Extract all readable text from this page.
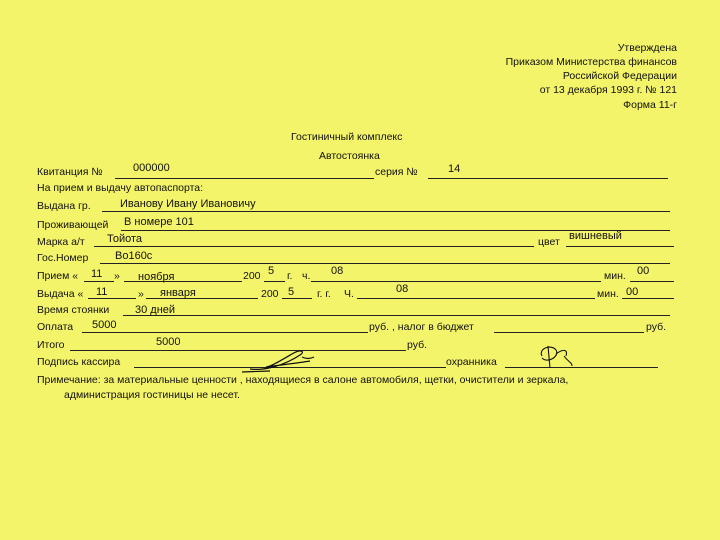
Утверждена
Приказом Министерства финансов
Российской Федерации
от 13 декабря 1993 г. № 121
Форма 11-г
Гостиничный комплекс
Автостоянка
Квитанция №	000000	серия №	14
На прием и выдачу автопаспорта:
Выдана гр.	Иванову Ивану Ивановичу
Проживающей В номере 101
Марка а/т Тойота	цвет вишневый
Гос.Номер Во160с
Прием « 11 » ноября	200 5 г. ч. 08	мин. 00
Выдача « 11	» января	200 5 г. г. Ч.	08	мин. 00
Время стоянки 30 дней
Оплата 5000	руб. , налог в бюджет	руб.
Итого	5000	руб.
Подпись кассира	охранника
Примечание: за материальные ценности , находящиеся в салоне автомобиля, щетки, очистители и зеркала,
администрация гостиницы не несет.
